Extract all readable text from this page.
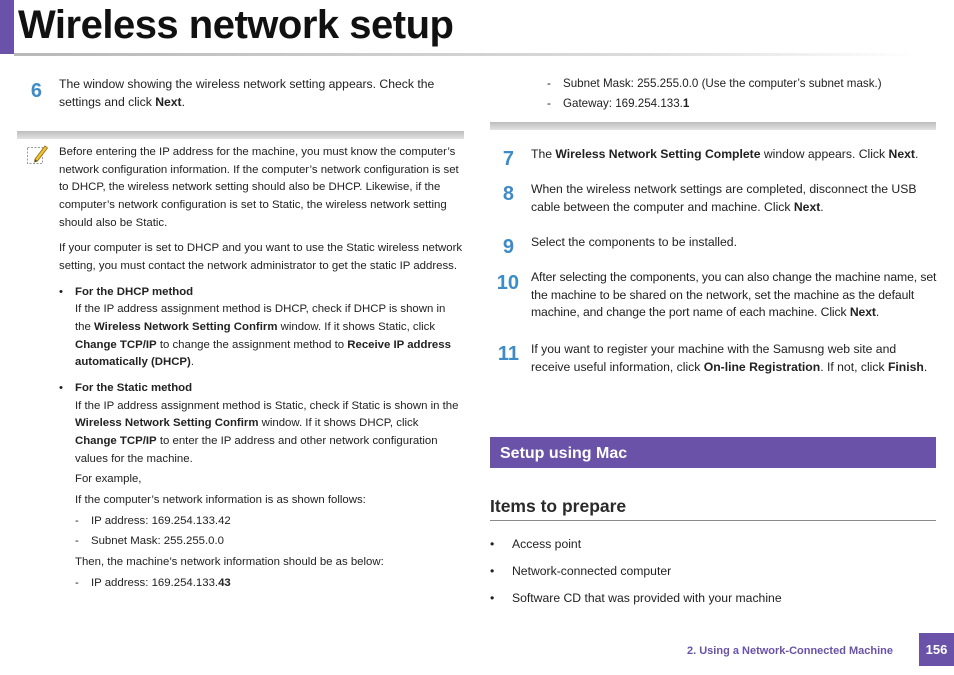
Wireless network setup
6 The window showing the wireless network setting appears. Check the settings and click Next.

Before entering the IP address for the machine, you must know the computer’s network configuration information. If the computer’s network configuration is set to DHCP, the wireless network setting should also be DHCP. Likewise, if the computer’s network configuration is set to Static, the wireless network setting should also be Static.

If your computer is set to DHCP and you want to use the Static wireless network setting, you must contact the network administrator to get the static IP address.

• For the DHCP method
If the IP address assignment method is DHCP, check if DHCP is shown in the Wireless Network Setting Confirm window. If it shows Static, click Change TCP/IP to change the assignment method to Receive IP address automatically (DHCP).
• For the Static method
If the IP address assignment method is Static, check if Static is shown in the Wireless Network Setting Confirm window. If it shows DHCP, click Change TCP/IP to enter the IP address and other network configuration values for the machine.
For example,
If the computer’s network information is as shown follows:
- IP address: 169.254.133.42
- Subnet Mask: 255.255.0.0
Then, the machine’s network information should be as below:
- IP address: 169.254.133.43
- Subnet Mask: 255.255.0.0 (Use the computer’s subnet mask.)
- Gateway: 169.254.133.1
7 The Wireless Network Setting Complete window appears. Click Next.

8 When the wireless network settings are completed, disconnect the USB cable between the computer and machine. Click Next.

9 Select the components to be installed.

10 After selecting the components, you can also change the machine name, set the machine to be shared on the network, set the machine as the default machine, and change the port name of each machine. Click Next.

11 If you want to register your machine with the Samusng web site and receive useful information, click On-line Registration. If not, click Finish.

Setup using Mac
Items to prepare
• Access point
• Network-connected computer
• Software CD that was provided with your machine
2. Using a Network-Connected Machine	156
